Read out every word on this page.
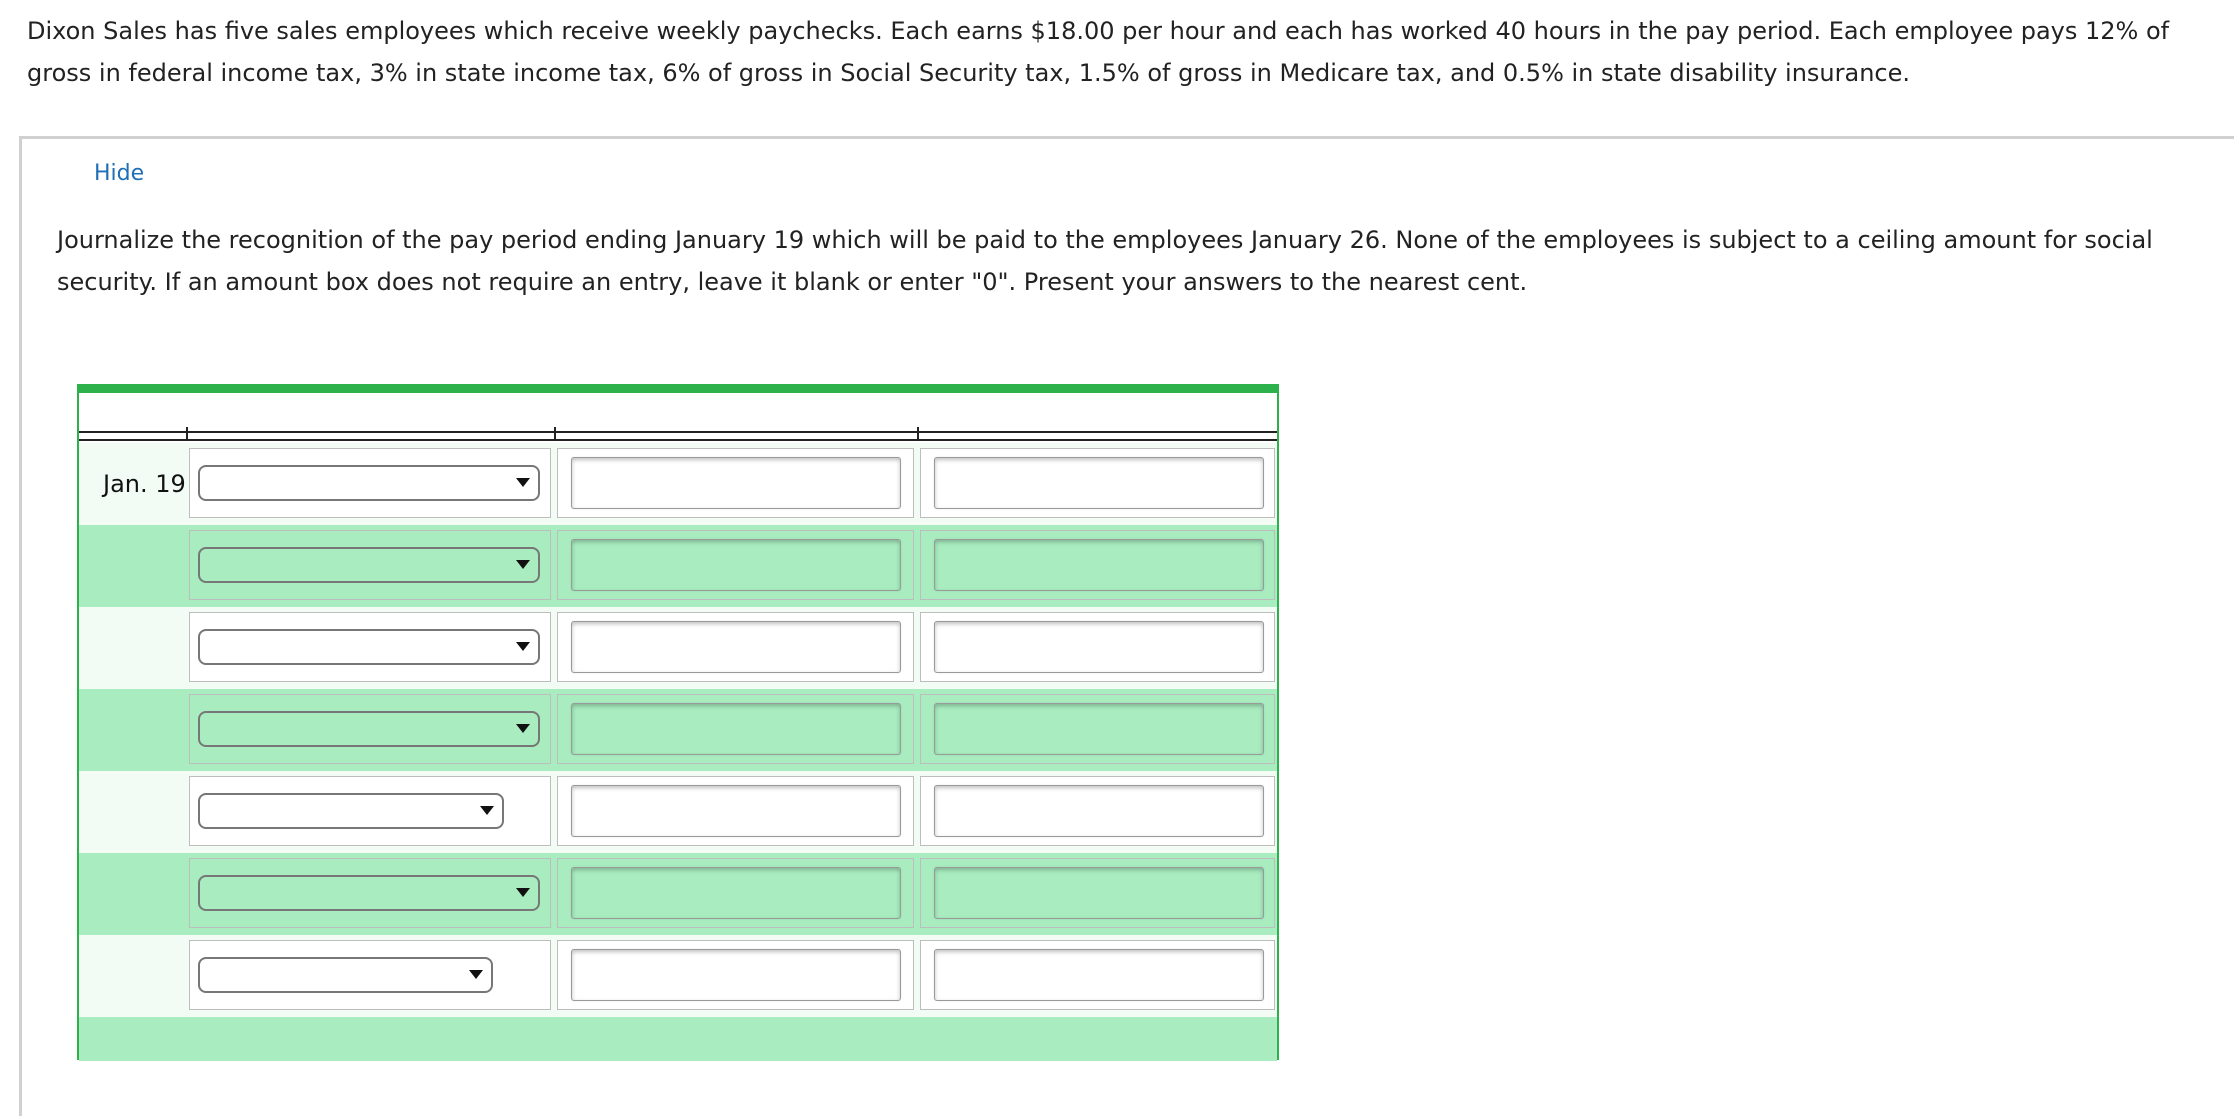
Dixon Sales has five sales employees which receive weekly paychecks. Each earns $18.00 per hour and each has worked 40 hours in the pay period. Each employee pays 12% of gross in federal income tax, 3% in state income tax, 6% of gross in Social Security tax, 1.5% of gross in Medicare tax, and 0.5% in state disability insurance.

Hide

Journalize the recognition of the pay period ending January 19 which will be paid to the employees January 26. None of the employees is subject to a ceiling amount for social security. If an amount box does not require an entry, leave it blank or enter "0". Present your answers to the nearest cent.

Jan. 19
